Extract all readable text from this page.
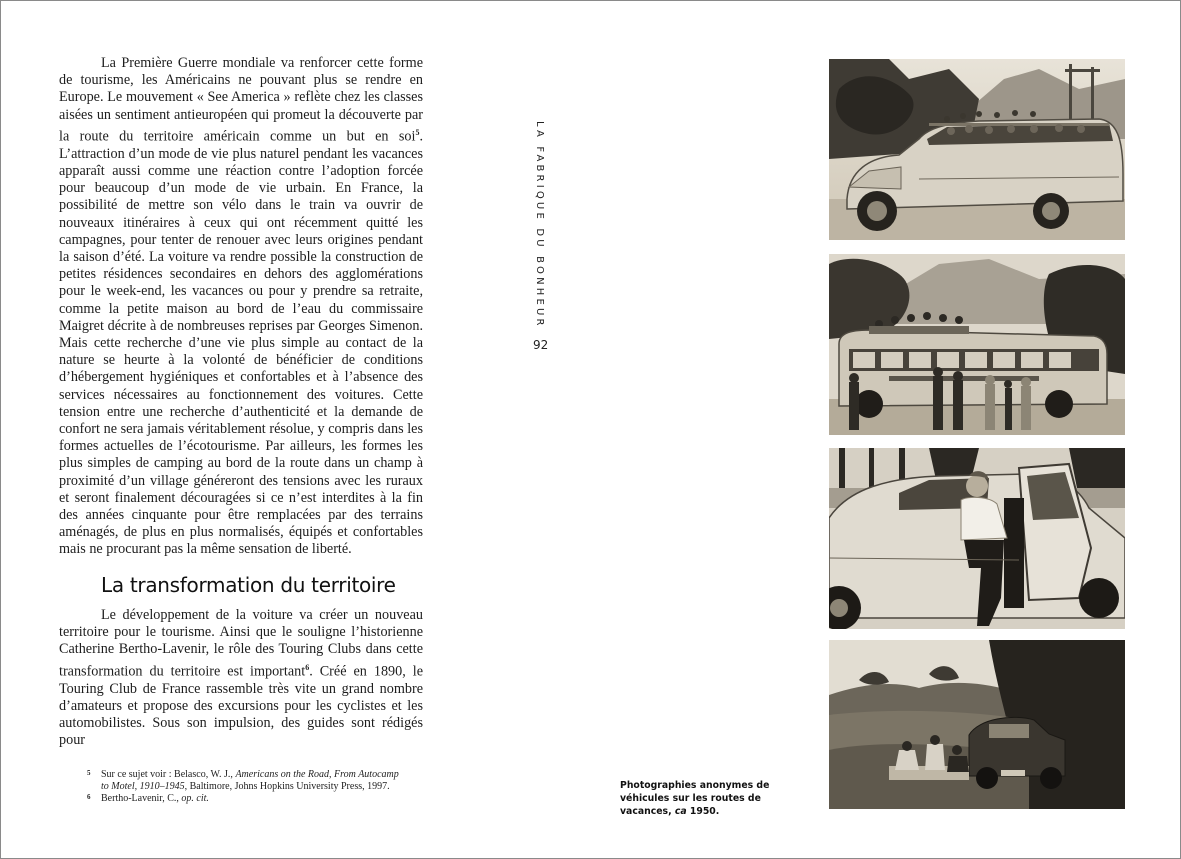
La Première Guerre mondiale va renforcer cette forme de tourisme, les Américains ne pouvant plus se rendre en Europe. Le mouvement « See America » reflète chez les classes aisées un sentiment antieuropéen qui promeut la découverte par la route du territoire américain comme un but en soi$^5$. L’attraction d’un mode de vie plus naturel pendant les vacances apparaît aussi comme une réaction contre l’adoption forcée pour beaucoup d’un mode de vie urbain. En France, la possibilité de mettre son vélo dans le train va ouvrir de nouveaux itinéraires à ceux qui ont récemment quitté les campagnes, pour tenter de renouer avec leurs origines pendant la saison d’été. La voiture va rendre possible la construction de petites résidences secondaires en dehors des agglomérations pour le week-end, les vacances ou pour y prendre sa retraite, comme la petite maison au bord de l’eau du commissaire Maigret décrite à de nombreuses reprises par Georges Simenon. Mais cette recherche d’une vie plus simple au contact de la nature se heurte à la volonté de bénéficier de conditions d’hébergement hygiéniques et confortables et à l’absence des services nécessaires au fonctionnement des voitures. Cette tension entre une recherche d’authenticité et la demande de confort ne sera jamais véritablement résolue, y compris dans les formes actuelles de l’écotourisme. Par ailleurs, les formes les plus simples de camping au bord de la route dans un champ à proximité d’un village généreront des tensions avec les ruraux et seront finalement découragées si ce n’est interdites à la fin des années cinquante pour être remplacées par des terrains aménagés, de plus en plus normalisés, équipés et confortables mais ne procurant pas la même sensation de liberté.

La transformation du territoire

Le développement de la voiture va créer un nouveau territoire pour le tourisme. Ainsi que le souligne l’historienne Catherine Bertho-Lavenir, le rôle des Touring Clubs dans cette transformation du territoire est important$^6$. Créé en 1890, le Touring Club de France rassemble très vite un grand nombre d’amateurs et propose des excursions pour les cyclistes et les automobilistes. Sous son impulsion, des guides sont rédigés pour

5 Sur ce sujet voir : Belasco, W. J., Americans on the Road, From Autocamp to Motel, 1910–1945, Baltimore, Johns Hopkins University Press, 1997.
6 Bertho-Lavenir, C., op. cit.
LA FABRIQUE DU BONHEUR
92
Photographies anonymes de véhicules sur les routes de vacances, ca 1950.
